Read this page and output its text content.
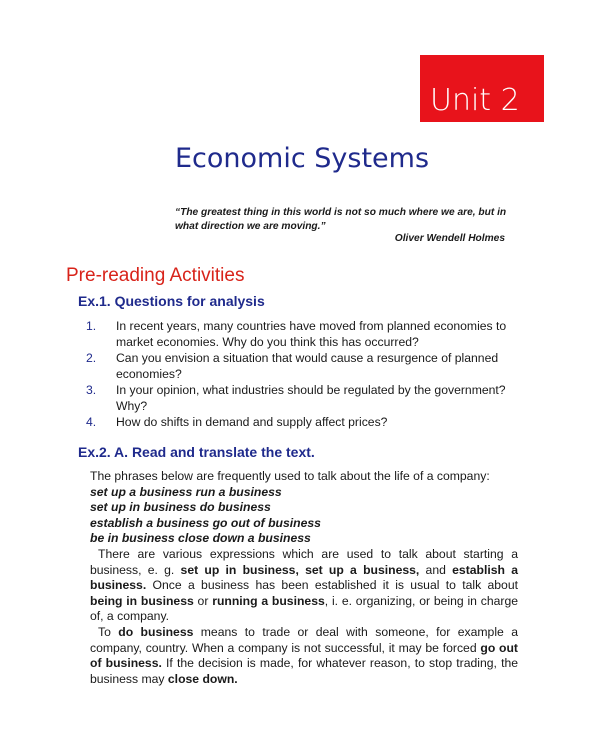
Unit 2
Economic Systems
“The greatest thing in this world is not so much where we are, but in what direction we are moving.”
Oliver Wendell Holmes
Pre-reading Activities
Ex.1. Questions for analysis
1. In recent years, many countries have moved from planned economies to market economies. Why do you think this has occurred?
2. Can you envision a situation that would cause a resurgence of planned economies?
3. In your opinion, what industries should be regulated by the government? Why?
4. How do shifts in demand and supply affect prices?
Ex.2. A. Read and translate the text.

The phrases below are frequently used to talk about the life of a company:

set up a business run a business

set up in business do business

establish a business go out of business

be in business close down a business

There are various expressions which are used to talk about starting a business, e. g. set up in business, set up a business, and establish a business. Once a business has been established it is usual to talk about being in business or running a business, i. e. organizing, or being in charge of, a company.

To do business means to trade or deal with someone, for example a company, country. When a company is not successful, it may be forced go out of business. If the decision is made, for whatever reason, to stop trading, the business may close down.
